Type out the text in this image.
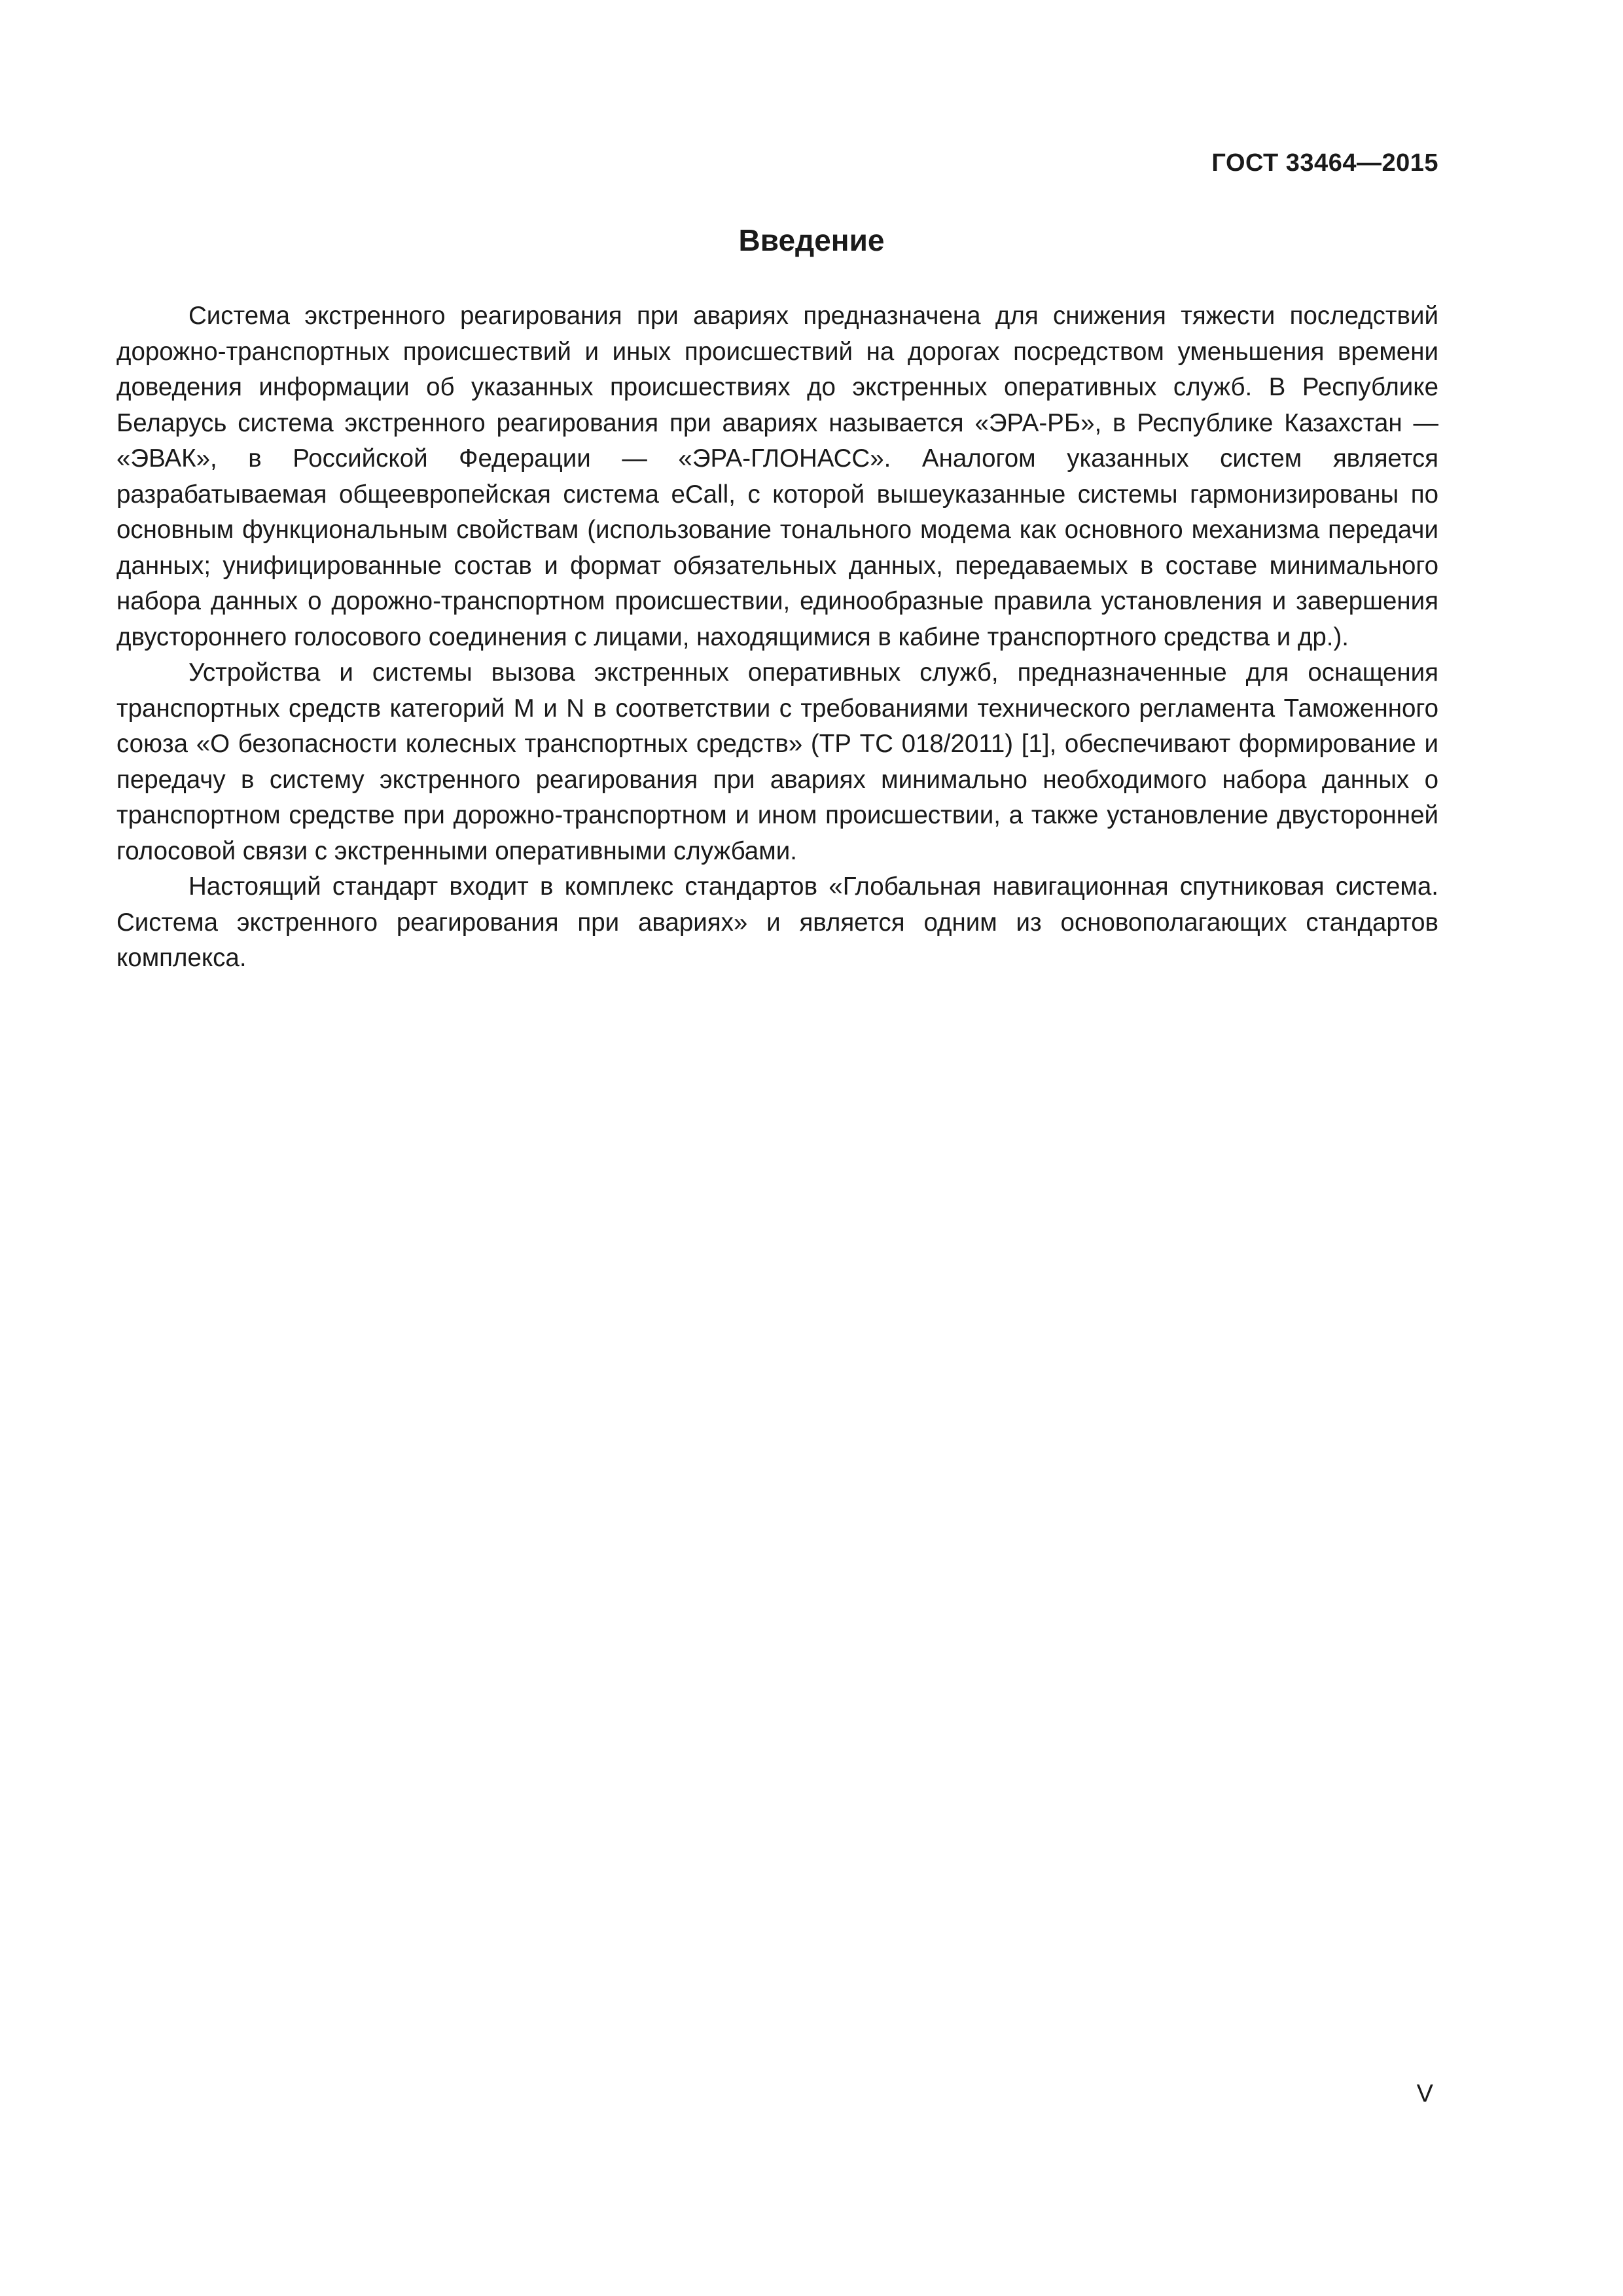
ГОСТ 33464—2015

Введение

Система экстренного реагирования при авариях предназначена для снижения тяжести последствий дорожно-транспортных происшествий и иных происшествий на дорогах посредством уменьшения времени доведения информации об указанных происшествиях до экстренных оперативных служб. В Республике Беларусь система экстренного реагирования при авариях называется «ЭРА-РБ», в Республике Казахстан — «ЭВАК», в Российской Федерации — «ЭРА-ГЛОНАСС». Аналогом указанных систем является разрабатываемая общеевропейская система eCall, с которой вышеуказанные системы гармонизированы по основным функциональным свойствам (использование тонального модема как основного механизма передачи данных; унифицированные состав и формат обязательных данных, передаваемых в составе минимального набора данных о дорожно-транспортном происшествии, единообразные правила установления и завершения двустороннего голосового соединения с лицами, находящимися в кабине транспортного средства и др.).

Устройства и системы вызова экстренных оперативных служб, предназначенные для оснащения транспортных средств категорий M и N в соответствии с требованиями технического регламента Таможенного союза «О безопасности колесных транспортных средств» (ТР ТС 018/2011) [1], обеспечивают формирование и передачу в систему экстренного реагирования при авариях минимально необходимого набора данных о транспортном средстве при дорожно-транспортном и ином происшествии, а также установление двусторонней голосовой связи с экстренными оперативными службами.

Настоящий стандарт входит в комплекс стандартов «Глобальная навигационная спутниковая система. Система экстренного реагирования при авариях» и является одним из основополагающих стандартов комплекса.

V
